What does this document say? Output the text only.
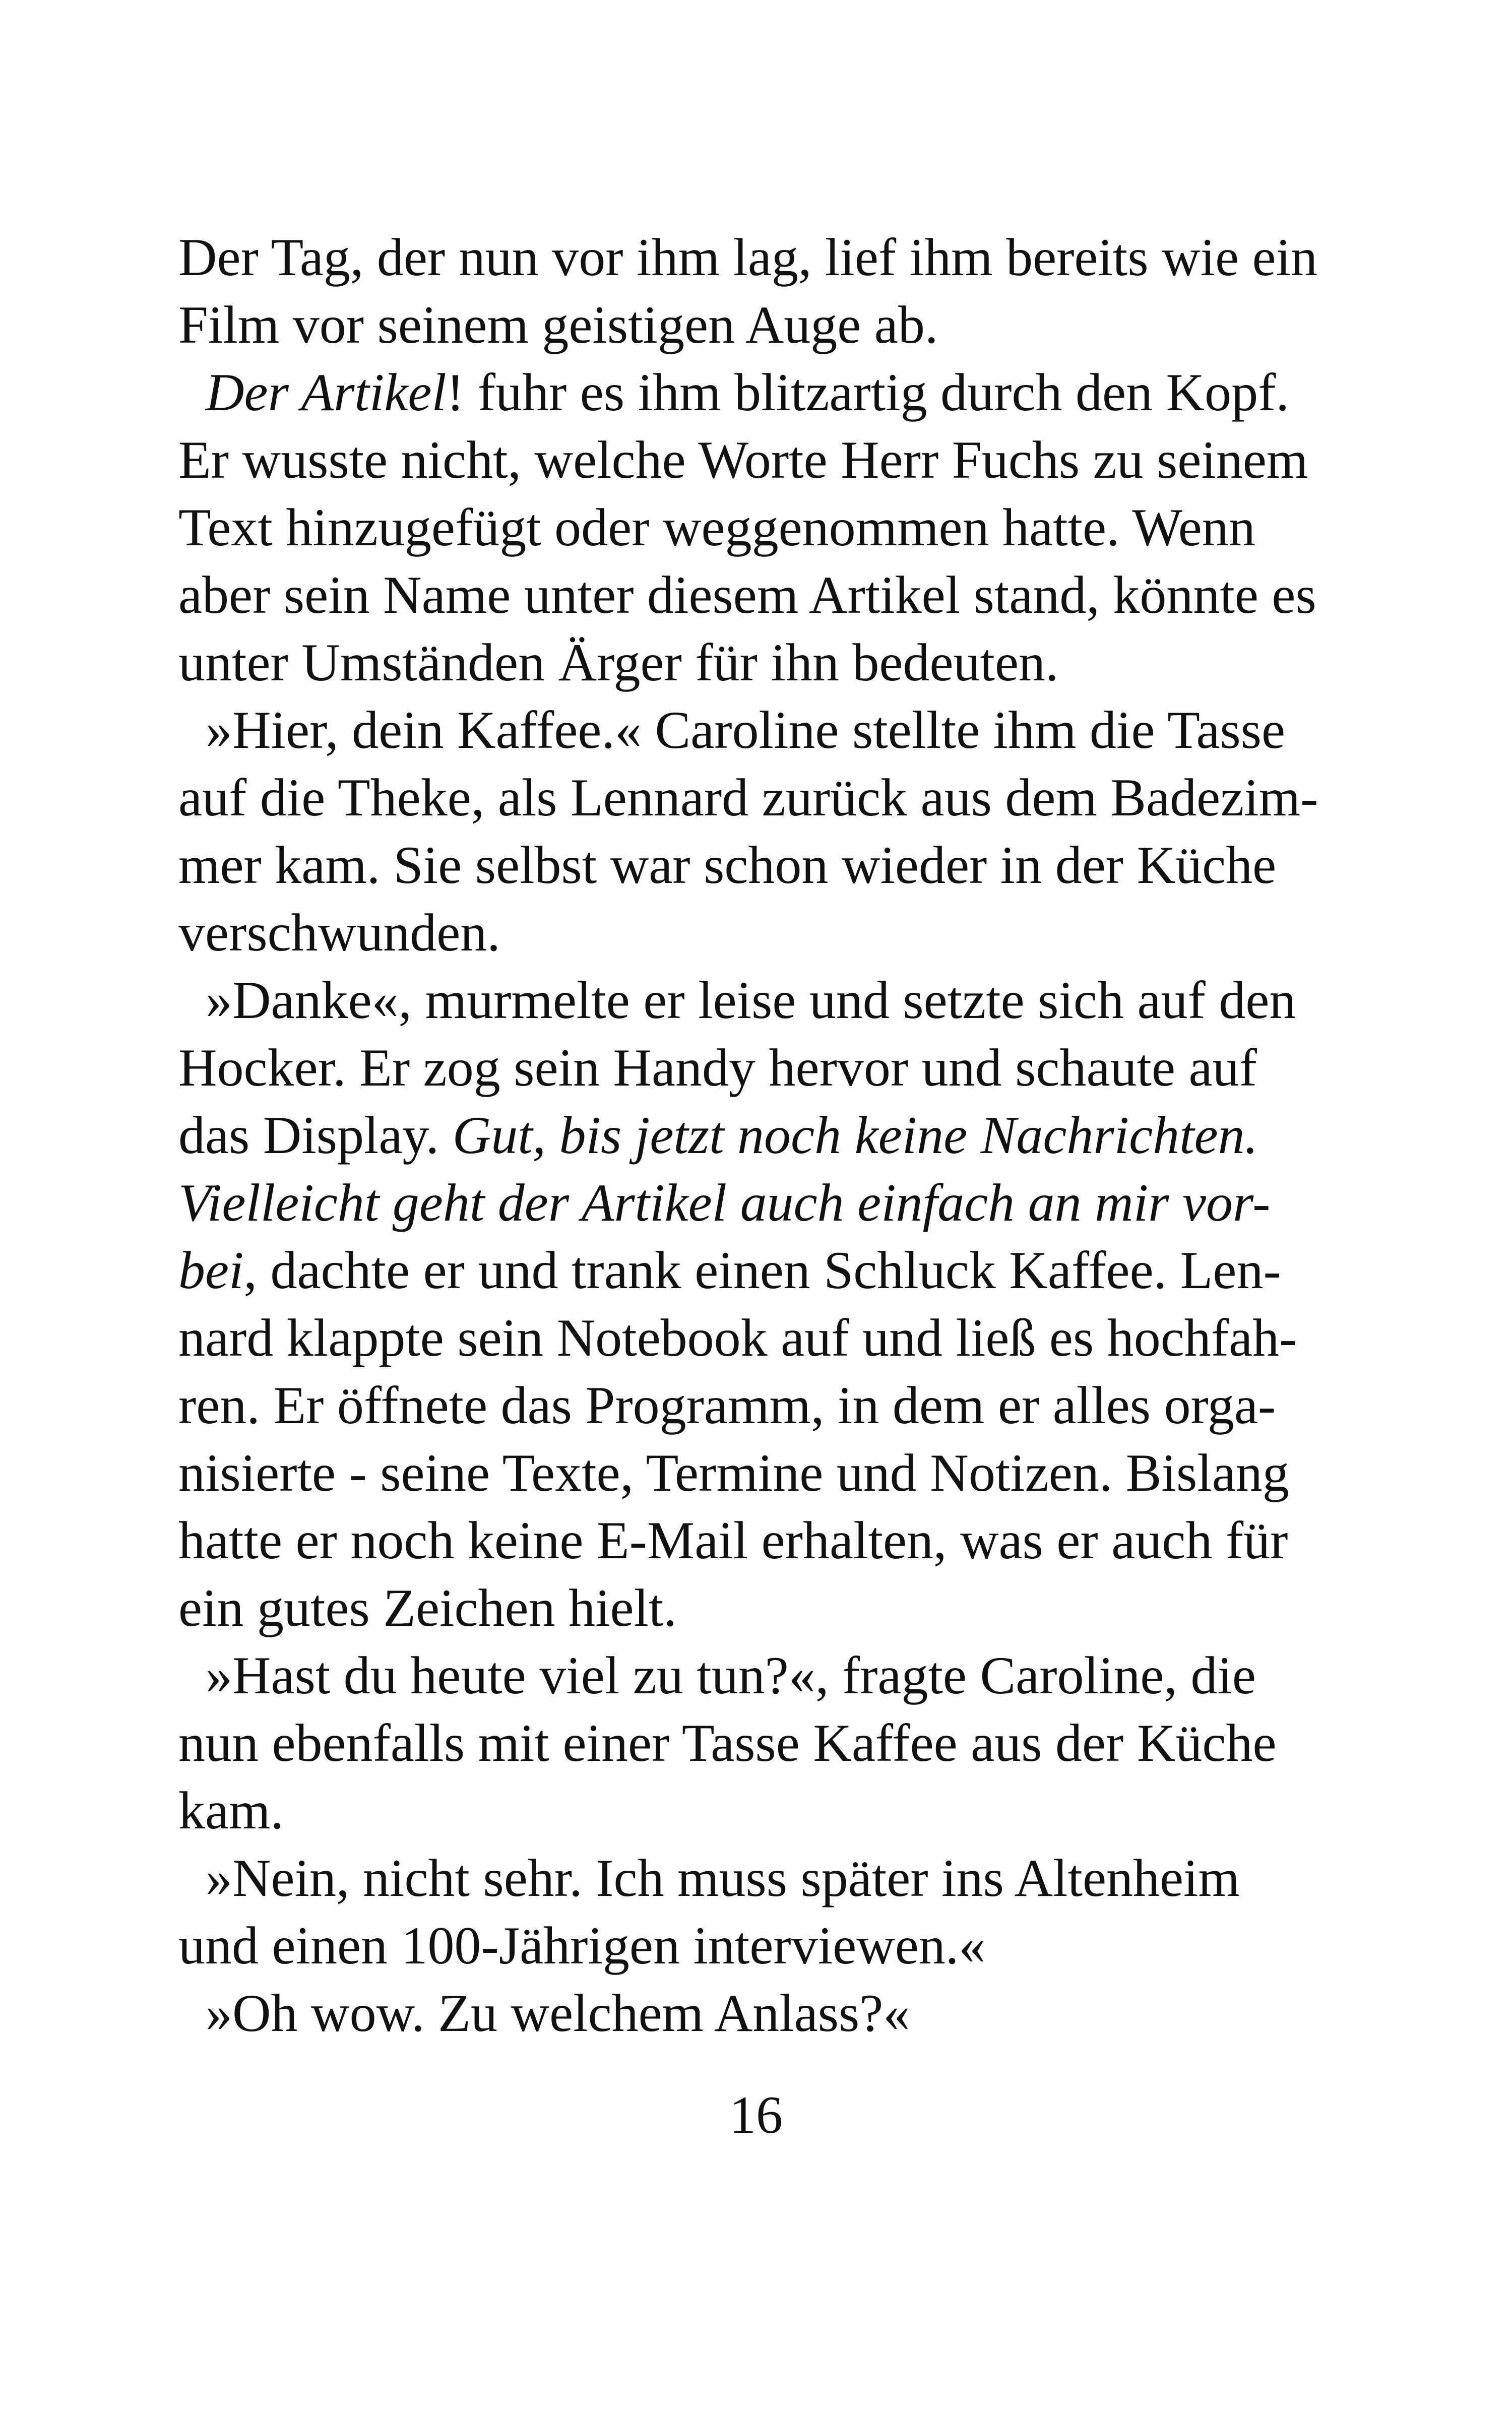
Der Tag, der nun vor ihm lag, lief ihm bereits wie ein
Film vor seinem geistigen Auge ab.
Der Artikel! fuhr es ihm blitzartig durch den Kopf.
Er wusste nicht, welche Worte Herr Fuchs zu seinem
Text hinzugefügt oder weggenommen hatte. Wenn
aber sein Name unter diesem Artikel stand, könnte es
unter Umständen Ärger für ihn bedeuten.
»Hier, dein Kaffee.« Caroline stellte ihm die Tasse
auf die Theke, als Lennard zurück aus dem Badezim-
mer kam. Sie selbst war schon wieder in der Küche
verschwunden.
»Danke«, murmelte er leise und setzte sich auf den
Hocker. Er zog sein Handy hervor und schaute auf
das Display. Gut, bis jetzt noch keine Nachrichten.
Vielleicht geht der Artikel auch einfach an mir vor-
bei, dachte er und trank einen Schluck Kaffee. Len-
nard klappte sein Notebook auf und ließ es hochfah-
ren. Er öffnete das Programm, in dem er alles orga-
nisierte - seine Texte, Termine und Notizen. Bislang
hatte er noch keine E-Mail erhalten, was er auch für
ein gutes Zeichen hielt.
»Hast du heute viel zu tun?«, fragte Caroline, die
nun ebenfalls mit einer Tasse Kaffee aus der Küche
kam.
»Nein, nicht sehr. Ich muss später ins Altenheim
und einen 100-Jährigen interviewen.«
»Oh wow. Zu welchem Anlass?«
16
